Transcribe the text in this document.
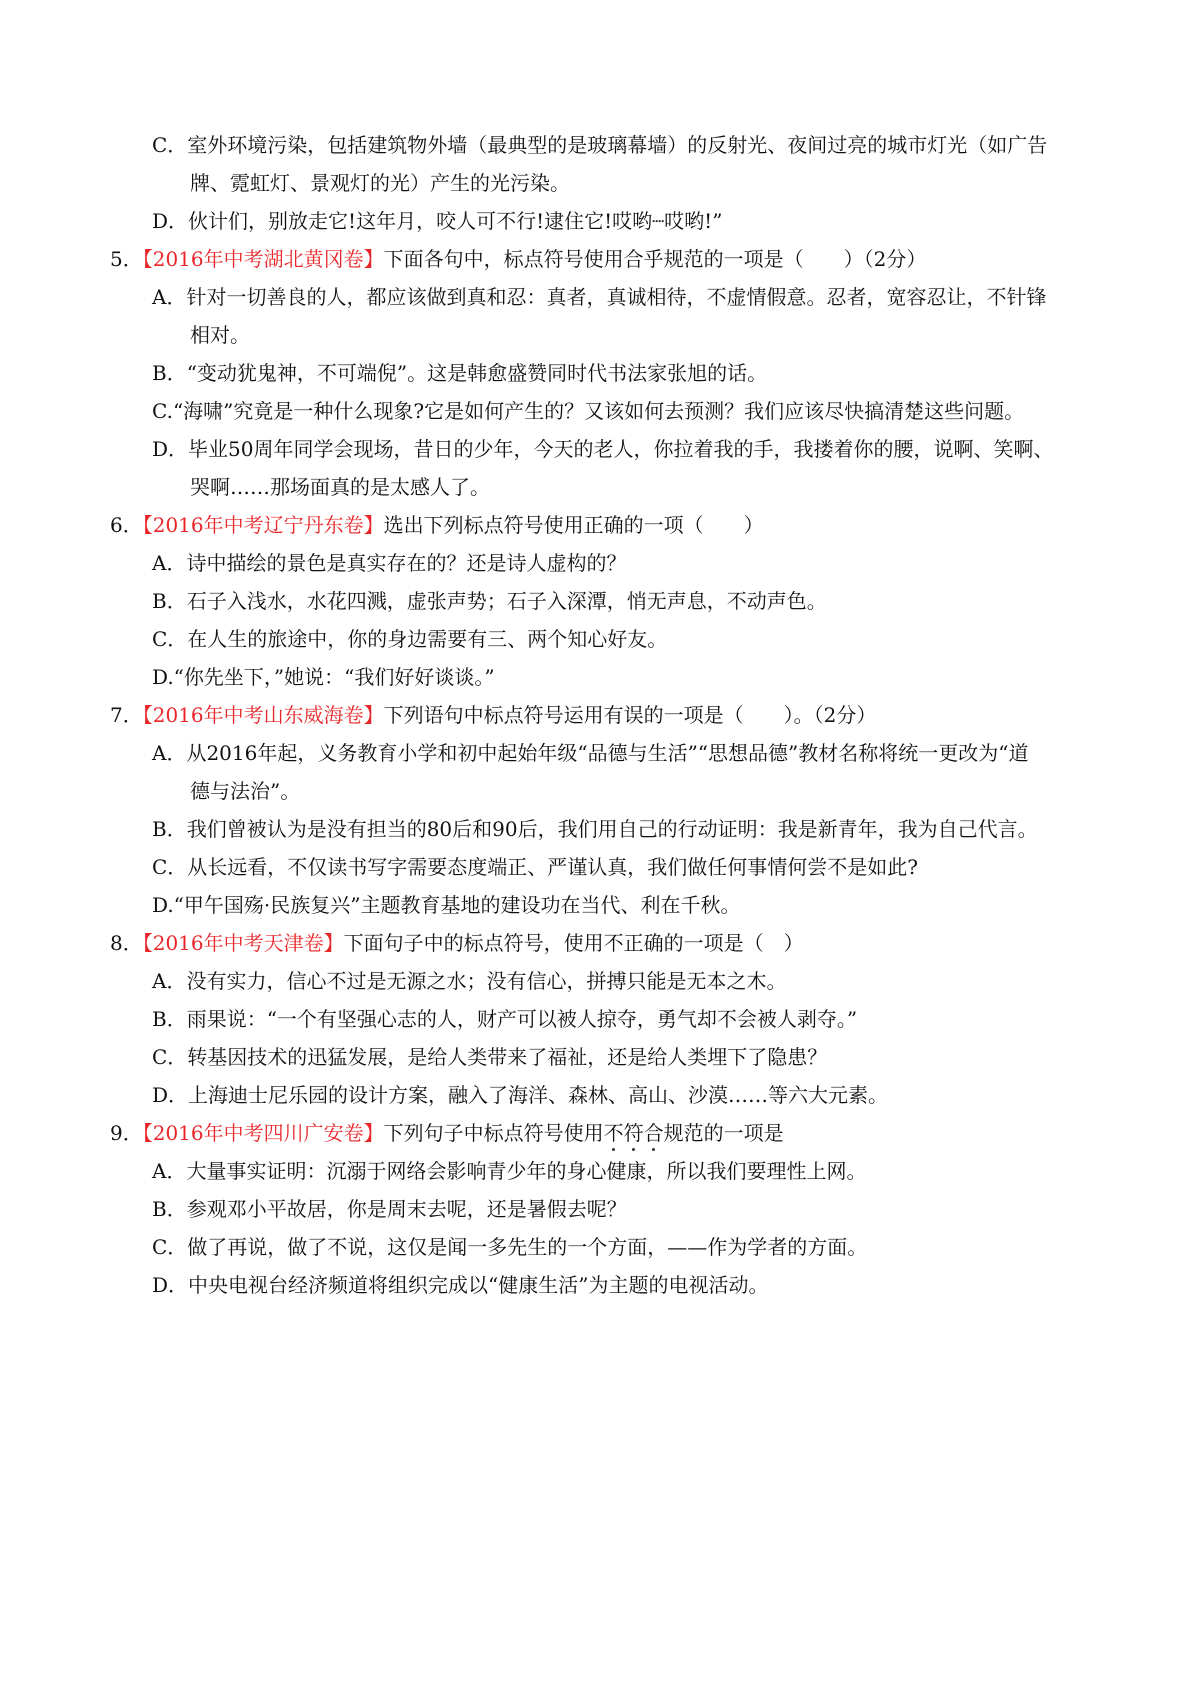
C．室外环境污染，包括建筑物外墙（最典型的是玻璃幕墙）的反射光、夜间过亮的城市灯光（如广告
牌、霓虹灯、景观灯的光）产生的光污染。
D．伙计们，别放走它!这年月，咬人可不行!逮住它!哎哟┈哎哟!”
5．【2016年中考湖北黄冈卷】下面各句中，标点符号使用合乎规范的一项是（　　）（2分）
A．针对一切善良的人，都应该做到真和忍：真者，真诚相待，不虚情假意。忍者，宽容忍让，不针锋
相对。
B．“变动犹鬼神，不可端倪”。这是韩愈盛赞同时代书法家张旭的话。
C.“海啸”究竟是一种什么现象?它是如何产生的？又该如何去预测？我们应该尽快搞清楚这些问题。
D．毕业50周年同学会现场，昔日的少年，今天的老人，你拉着我的手，我搂着你的腰，说啊、笑啊、
哭啊……那场面真的是太感人了。
6．【2016年中考辽宁丹东卷】选出下列标点符号使用正确的一项（　　）
A．诗中描绘的景色是真实存在的？还是诗人虚构的？
B．石子入浅水，水花四溅，虚张声势；石子入深潭，悄无声息，不动声色。
C．在人生的旅途中，你的身边需要有三、两个知心好友。
D.“你先坐下，”她说：“我们好好谈谈。”
7．【2016年中考山东威海卷】下列语句中标点符号运用有误的一项是（　　）。（2分）
A．从2016年起，义务教育小学和初中起始年级“品德与生活”“思想品德”教材名称将统一更改为“道
德与法治”。
B．我们曾被认为是没有担当的80后和90后，我们用自己的行动证明：我是新青年，我为自己代言。
C．从长远看，不仅读书写字需要态度端正、严谨认真，我们做任何事情何尝不是如此?
D.“甲午国殇·民族复兴”主题教育基地的建设功在当代、利在千秋。
8．【2016年中考天津卷】下面句子中的标点符号，使用不正确的一项是（　）
A．没有实力，信心不过是无源之水；没有信心，拼搏只能是无本之木。
B．雨果说：“一个有坚强心志的人，财产可以被人掠夺，勇气却不会被人剥夺。”
C．转基因技术的迅猛发展，是给人类带来了福祉，还是给人类埋下了隐患？
D．上海迪士尼乐园的设计方案，融入了海洋、森林、高山、沙漠……等六大元素。
9．【2016年中考四川广安卷】下列句子中标点符号使用不符合规范的一项是
A．大量事实证明：沉溺于网络会影响青少年的身心健康，所以我们要理性上网。
B．参观邓小平故居，你是周末去呢，还是暑假去呢？
C．做了再说，做了不说，这仅是闻一多先生的一个方面，——作为学者的方面。
D．中央电视台经济频道将组织完成以“健康生活”为主题的电视活动。
